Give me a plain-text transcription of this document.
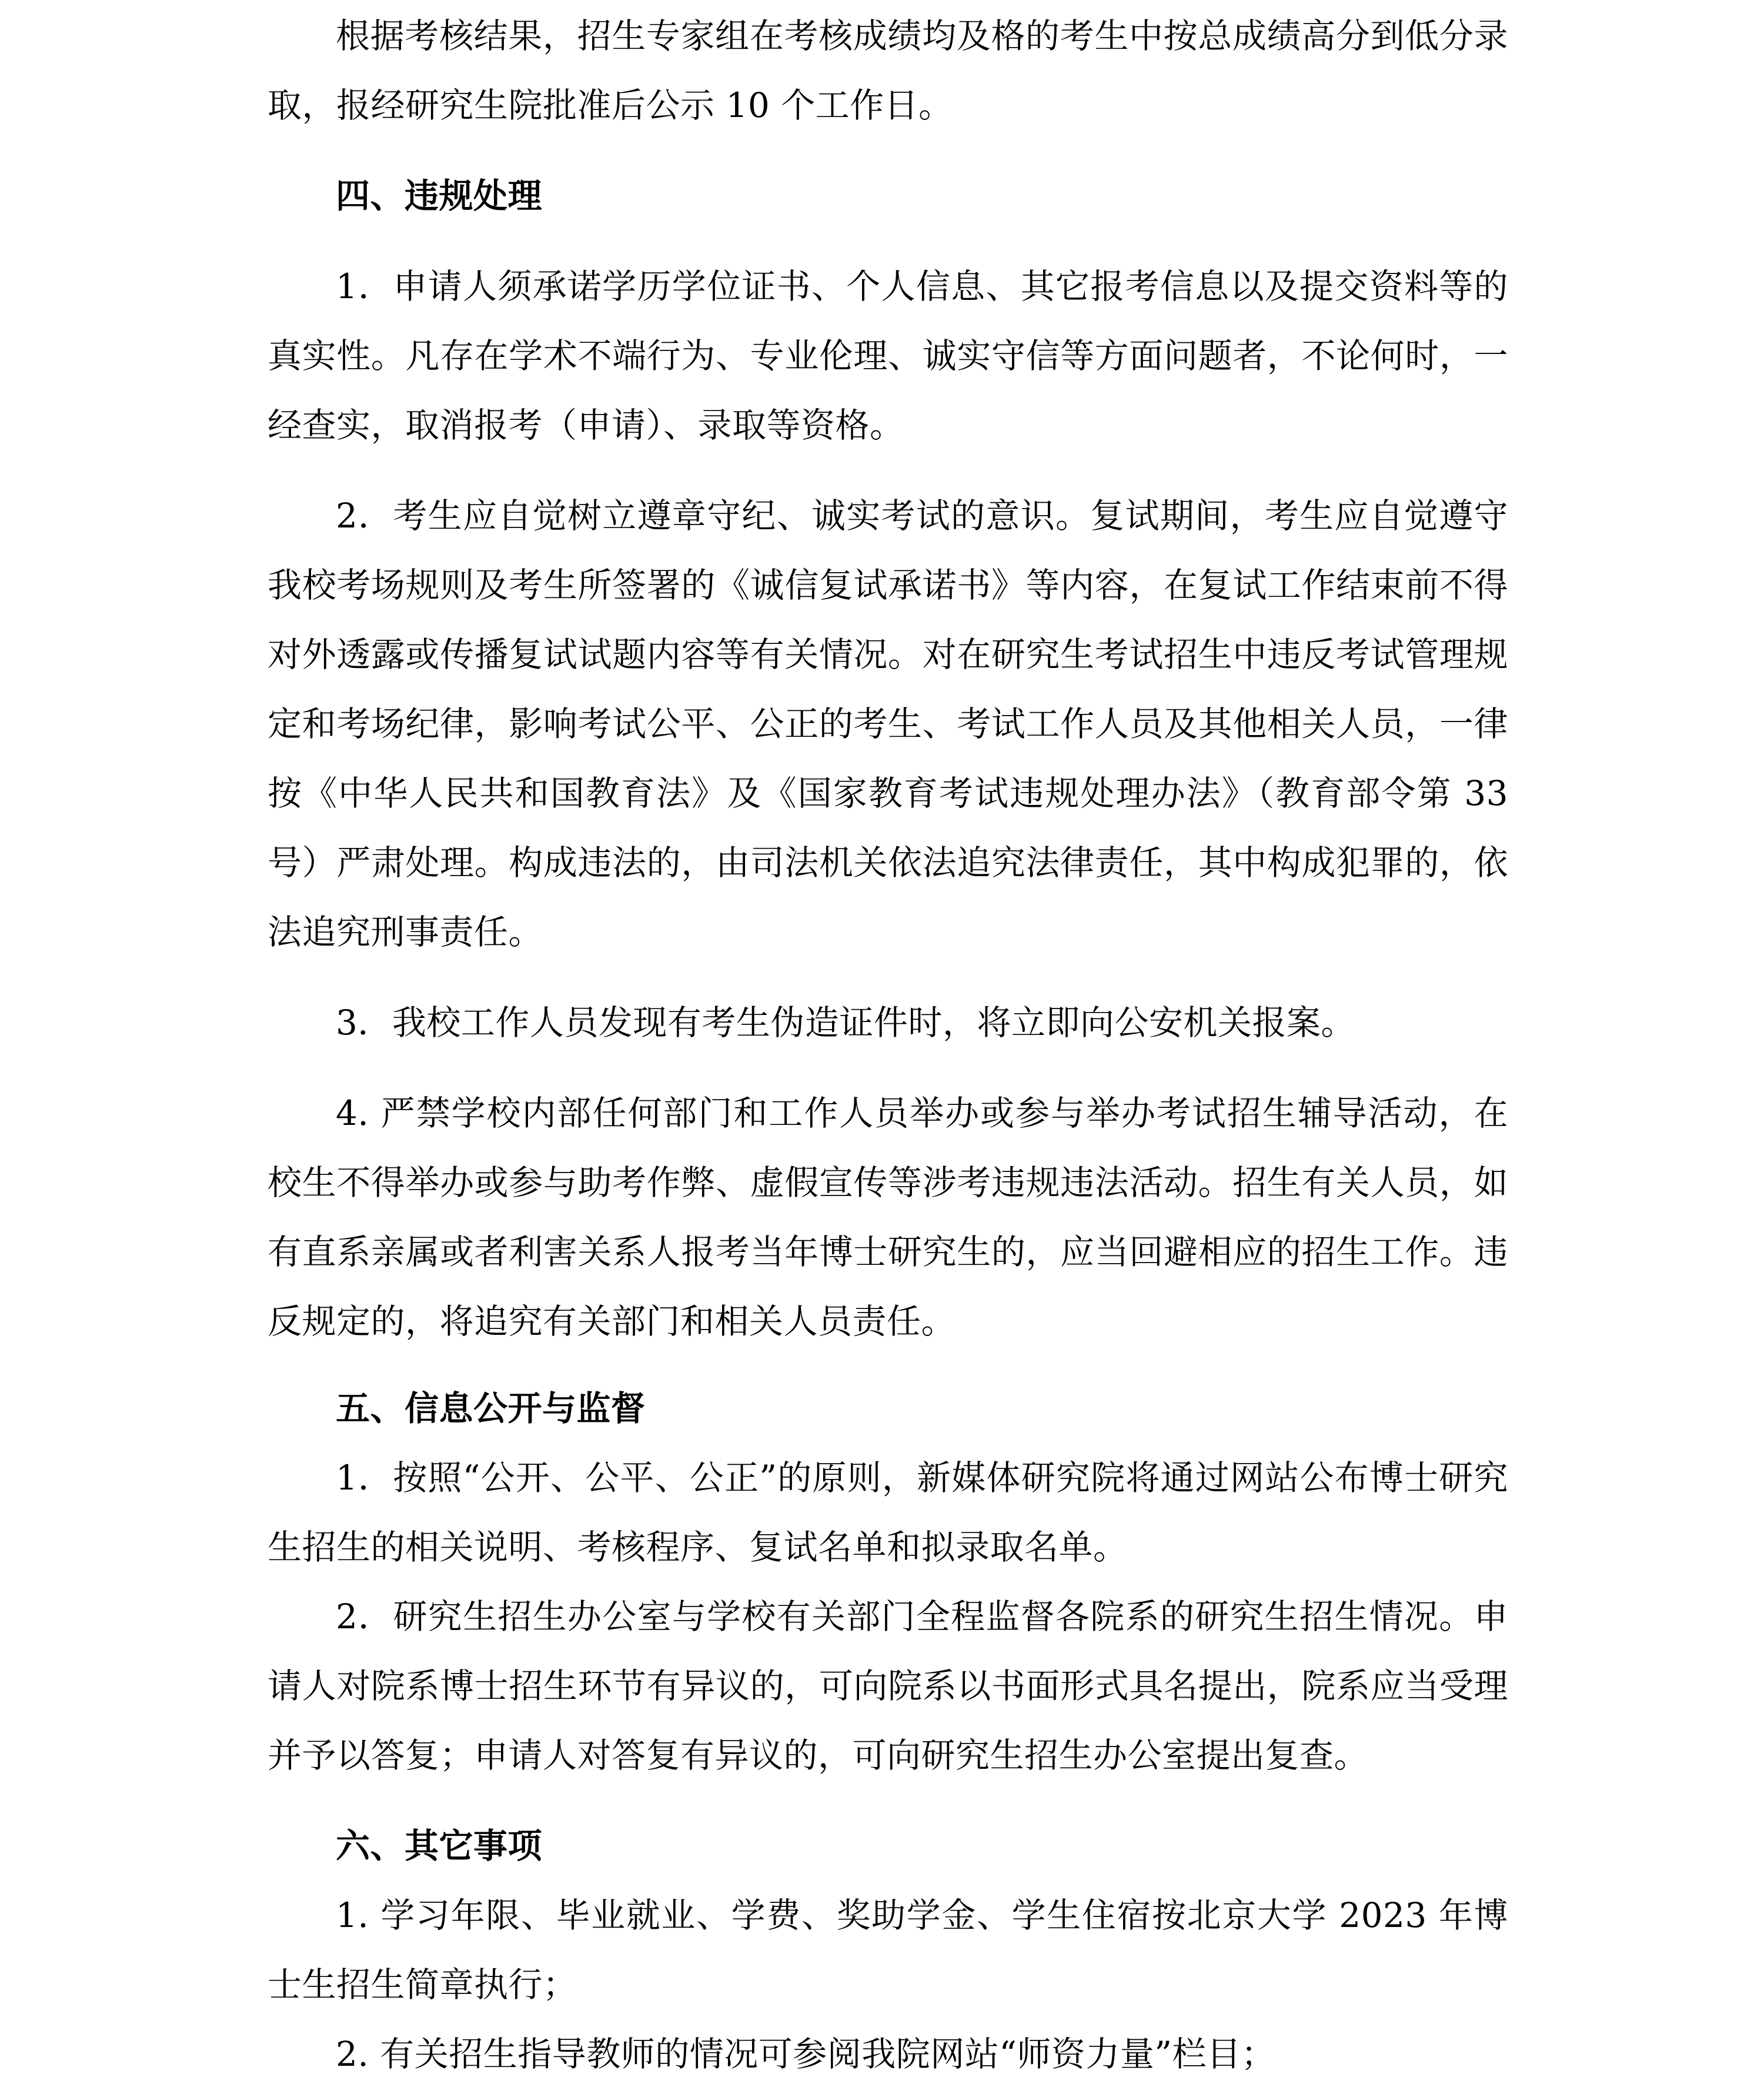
根据考核结果，招生专家组在考核成绩均及格的考生中按总成绩高分到低分录取，报经研究生院批准后公示 10 个工作日。

四、违规处理

1．申请人须承诺学历学位证书、个人信息、其它报考信息以及提交资料等的真实性。凡存在学术不端行为、专业伦理、诚实守信等方面问题者，不论何时，一经查实，取消报考（申请）、录取等资格。

2．考生应自觉树立遵章守纪、诚实考试的意识。复试期间，考生应自觉遵守我校考场规则及考生所签署的《诚信复试承诺书》等内容，在复试工作结束前不得对外透露或传播复试试题内容等有关情况。对在研究生考试招生中违反考试管理规定和考场纪律，影响考试公平、公正的考生、考试工作人员及其他相关人员，一律按《中华人民共和国教育法》及《国家教育考试违规处理办法》（教育部令第 33 号）严肃处理。构成违法的，由司法机关依法追究法律责任，其中构成犯罪的，依法追究刑事责任。

3．我校工作人员发现有考生伪造证件时，将立即向公安机关报案。

4. 严禁学校内部任何部门和工作人员举办或参与举办考试招生辅导活动，在校生不得举办或参与助考作弊、虚假宣传等涉考违规违法活动。招生有关人员，如有直系亲属或者利害关系人报考当年博士研究生的，应当回避相应的招生工作。违反规定的，将追究有关部门和相关人员责任。

五、信息公开与监督

1．按照“公开、公平、公正”的原则，新媒体研究院将通过网站公布博士研究生招生的相关说明、考核程序、复试名单和拟录取名单。

2．研究生招生办公室与学校有关部门全程监督各院系的研究生招生情况。申请人对院系博士招生环节有异议的，可向院系以书面形式具名提出，院系应当受理并予以答复；申请人对答复有异议的，可向研究生招生办公室提出复查。

六、其它事项

1. 学习年限、毕业就业、学费、奖助学金、学生住宿按北京大学 2023 年博士生招生简章执行；

2. 有关招生指导教师的情况可参阅我院网站“师资力量”栏目；
